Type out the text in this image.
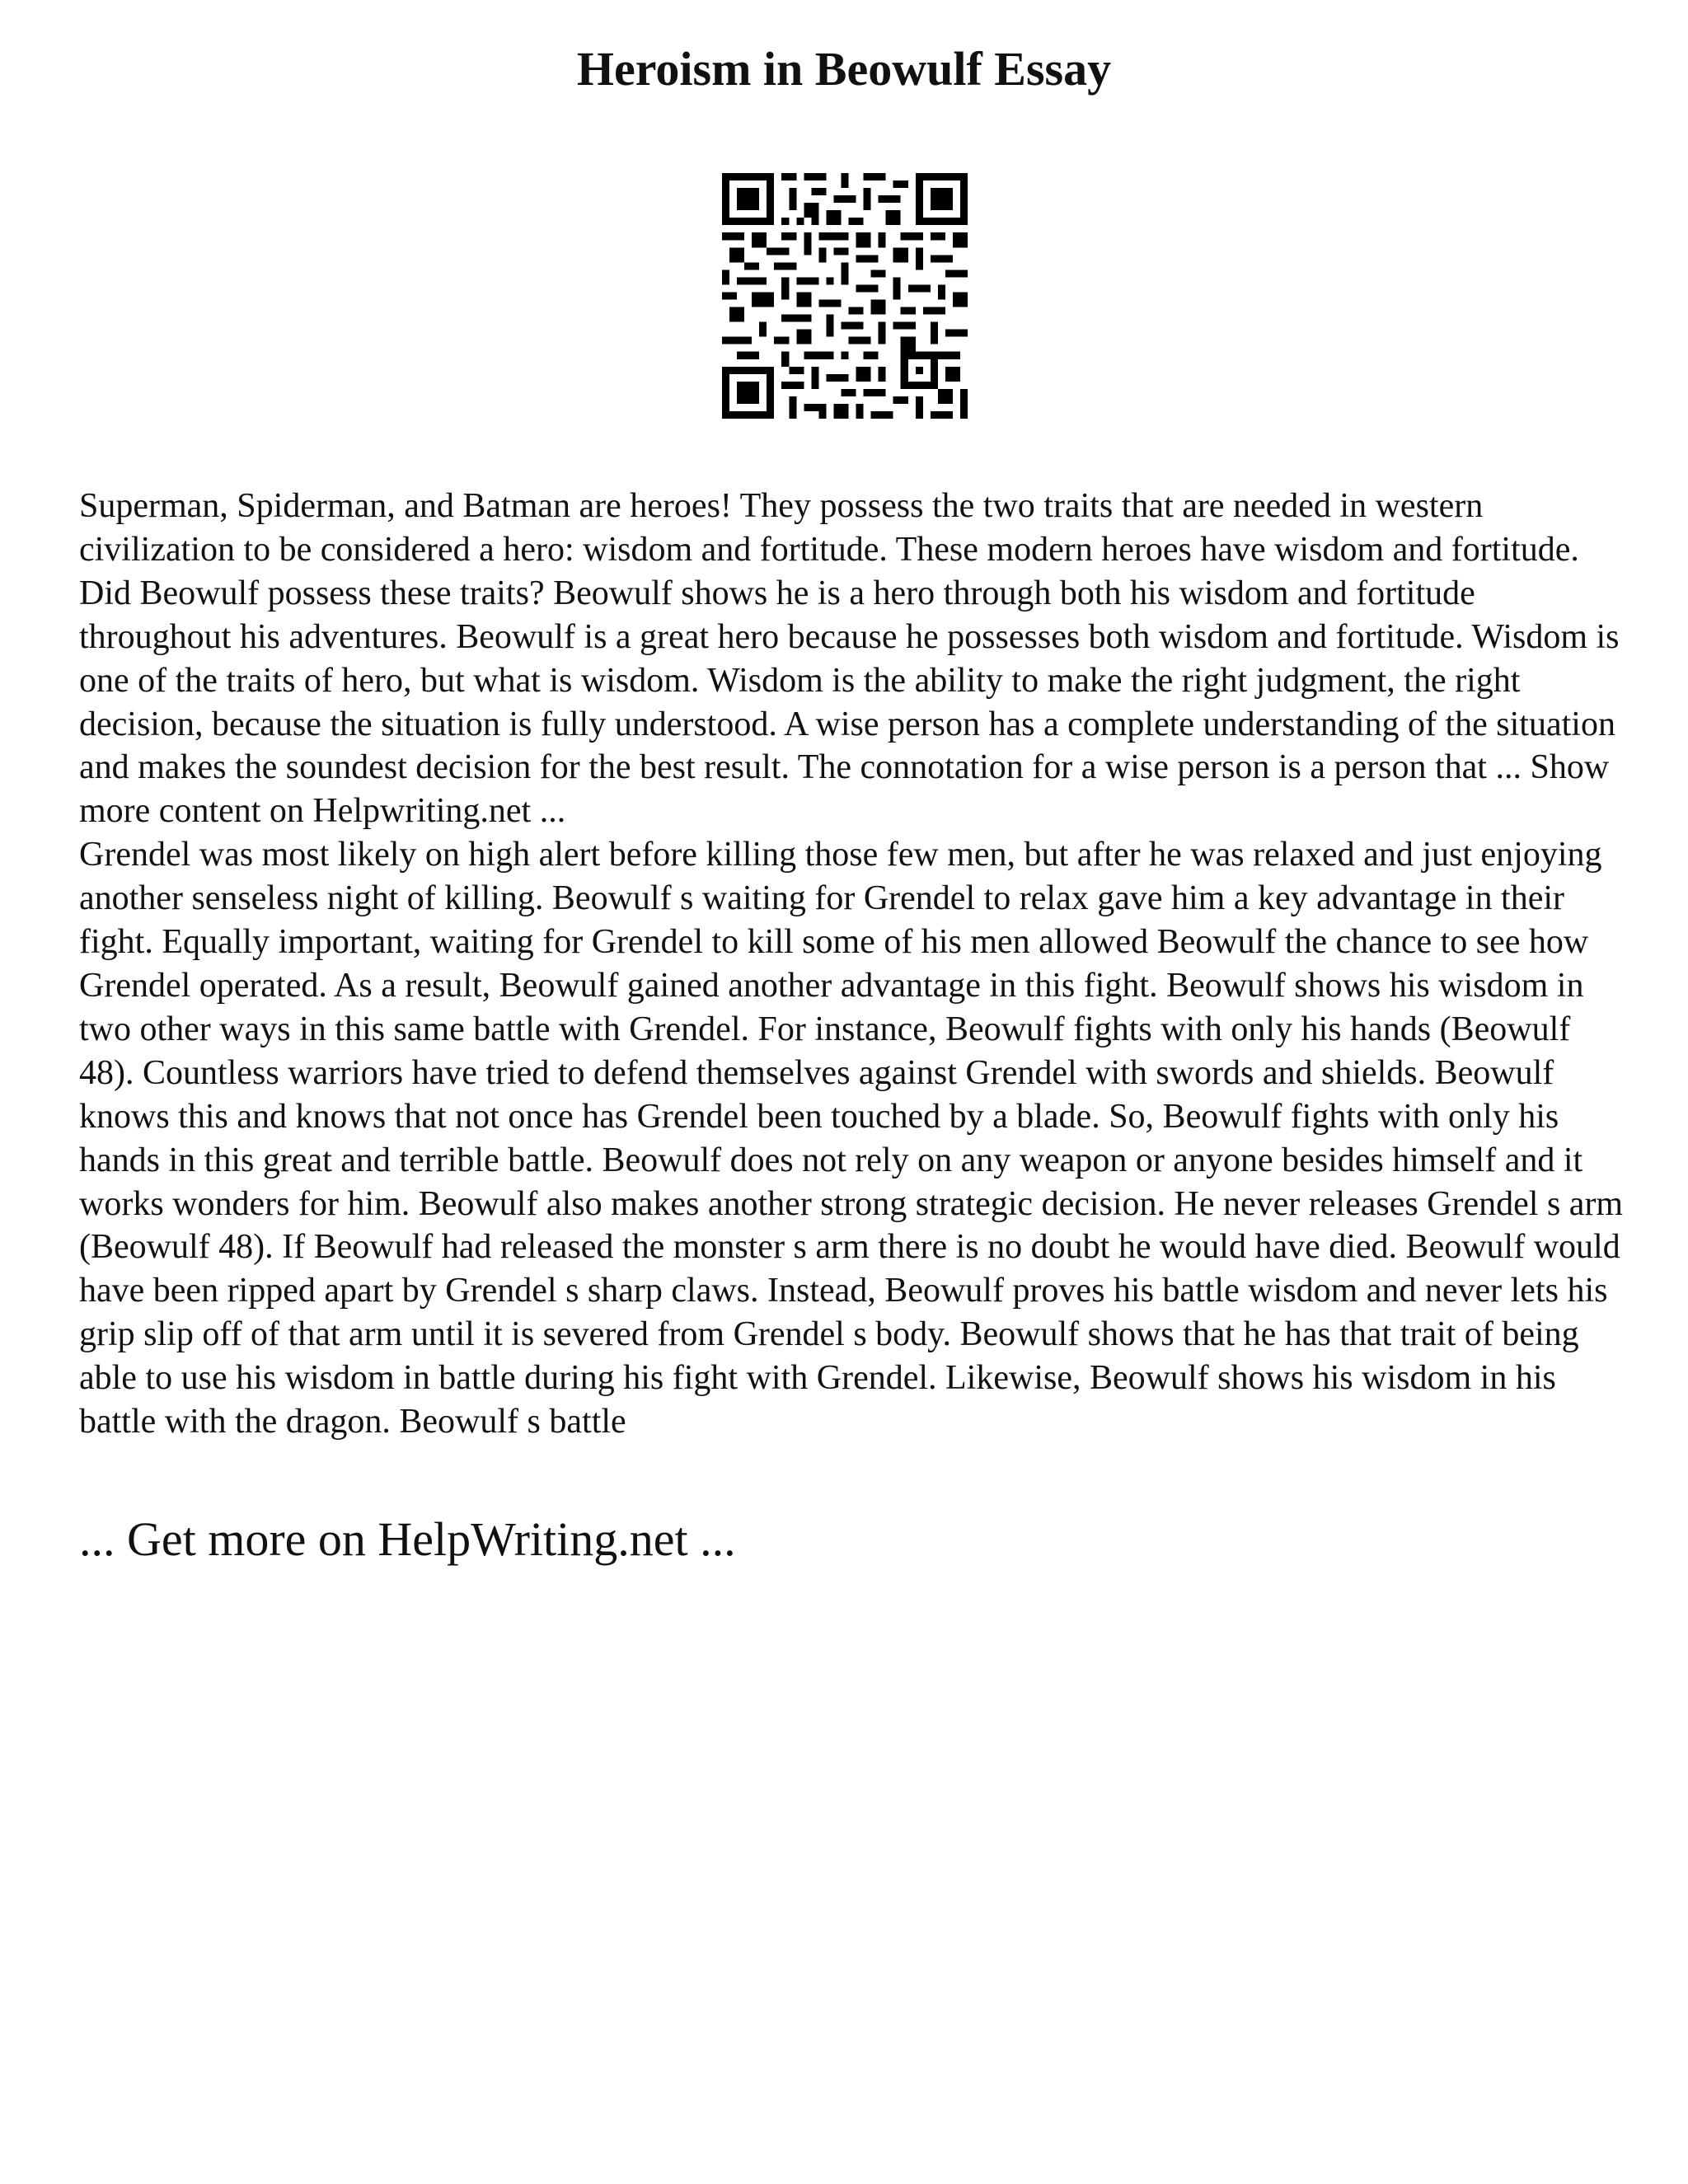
Heroism in Beowulf Essay

Superman, Spiderman, and Batman are heroes! They possess the two traits that are needed in western civilization to be considered a hero: wisdom and fortitude. These modern heroes have wisdom and fortitude. Did Beowulf possess these traits? Beowulf shows he is a hero through both his wisdom and fortitude throughout his adventures. Beowulf is a great hero because he possesses both wisdom and fortitude. Wisdom is one of the traits of hero, but what is wisdom. Wisdom is the ability to make the right judgment, the right decision, because the situation is fully understood. A wise person has a complete understanding of the situation and makes the soundest decision for the best result. The connotation for a wise person is a person that ... Show more content on Helpwriting.net ...

Grendel was most likely on high alert before killing those few men, but after he was relaxed and just enjoying another senseless night of killing. Beowulf s waiting for Grendel to relax gave him a key advantage in their fight. Equally important, waiting for Grendel to kill some of his men allowed Beowulf the chance to see how Grendel operated. As a result, Beowulf gained another advantage in this fight. Beowulf shows his wisdom in two other ways in this same battle with Grendel. For instance, Beowulf fights with only his hands (Beowulf 48). Countless warriors have tried to defend themselves against Grendel with swords and shields. Beowulf knows this and knows that not once has Grendel been touched by a blade. So, Beowulf fights with only his hands in this great and terrible battle. Beowulf does not rely on any weapon or anyone besides himself and it works wonders for him. Beowulf also makes another strong strategic decision. He never releases Grendel s arm (Beowulf 48). If Beowulf had released the monster s arm there is no doubt he would have died. Beowulf would have been ripped apart by Grendel s sharp claws. Instead, Beowulf proves his battle wisdom and never lets his grip slip off of that arm until it is severed from Grendel s body. Beowulf shows that he has that trait of being able to use his wisdom in battle during his fight with Grendel. Likewise, Beowulf shows his wisdom in his battle with the dragon. Beowulf s battle

... Get more on HelpWriting.net ...
